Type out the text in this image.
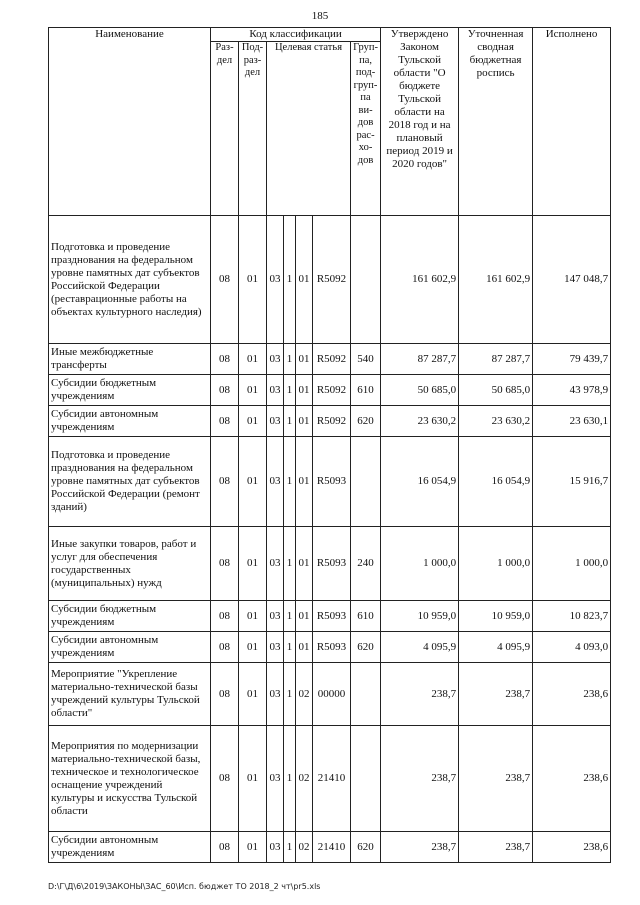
185
Наименование	Код классификации							Утверждено Законом Тульской области "О бюджете Тульской области на 2018 год и на плановый период 2019 и 2020 годов"	Уточненная сводная бюджетная роспись	Исполнено
	Раз-дел	Под-раз-дел	Целевая статья				Груп-па, под-груп-па ви-дов рас-хо-дов			
Подготовка и проведение празднования на федеральном уровне памятных дат субъектов Российской Федерации (реставрационные работы на объектах культурного наследия)	08	01	03	1	01	R5092		161 602,9	161 602,9	147 048,7
Иные межбюджетные трансферты	08	01	03	1	01	R5092	540	87 287,7	87 287,7	79 439,7
Субсидии бюджетным учреждениям	08	01	03	1	01	R5092	610	50 685,0	50 685,0	43 978,9
Субсидии автономным учреждениям	08	01	03	1	01	R5092	620	23 630,2	23 630,2	23 630,1
Подготовка и проведение празднования на федеральном уровне памятных дат субъектов Российской Федерации (ремонт зданий)	08	01	03	1	01	R5093		16 054,9	16 054,9	15 916,7
Иные закупки товаров, работ и услуг для обеспечения государственных (муниципальных) нужд	08	01	03	1	01	R5093	240	1 000,0	1 000,0	1 000,0
Субсидии бюджетным учреждениям	08	01	03	1	01	R5093	610	10 959,0	10 959,0	10 823,7
Субсидии автономным учреждениям	08	01	03	1	01	R5093	620	4 095,9	4 095,9	4 093,0
Мероприятие "Укрепление материально-технической базы учреждений культуры Тульской области"	08	01	03	1	02	00000		238,7	238,7	238,6
Мероприятия по модернизации материально-технической базы, техническое и технологическое оснащение учреждений культуры и искусства Тульской области	08	01	03	1	02	21410		238,7	238,7	238,6
Субсидии автономным учреждениям	08	01	03	1	02	21410	620	238,7	238,7	238,6
D:\Г\Д\6\2019\ЗАКОНЫ\ЗАС_60\Исп. бюджет ТО 2018_2 чт\pr5.xls
